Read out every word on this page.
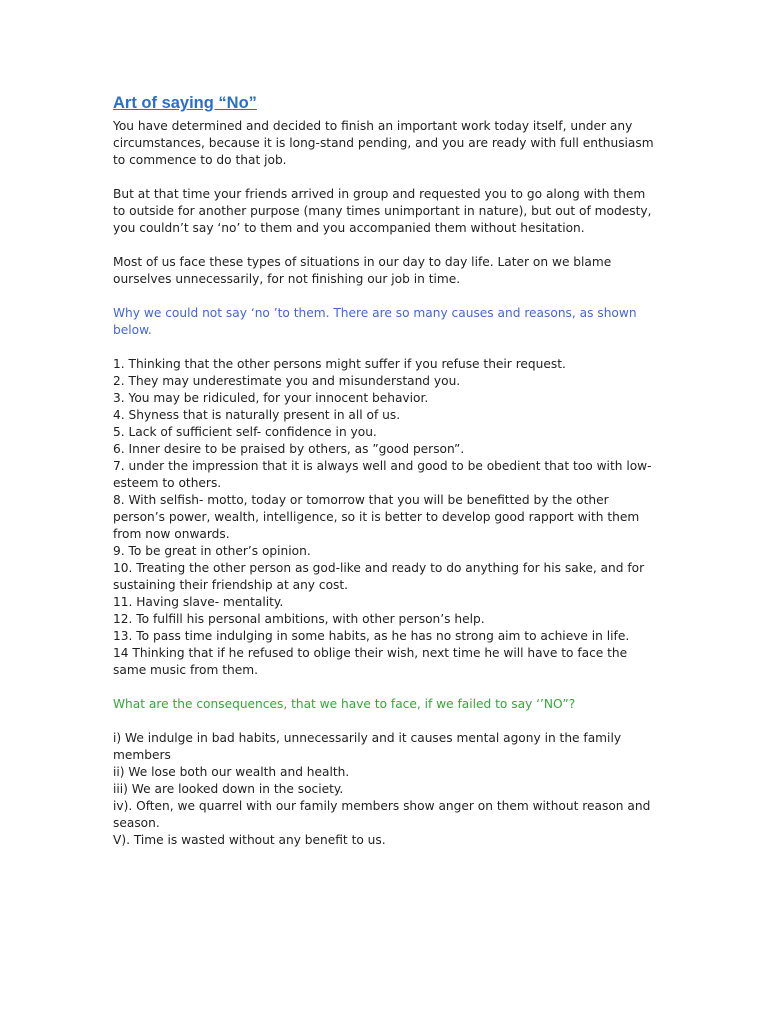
Art of saying “No”

You have determined and decided to finish an important work today itself, under any circumstances, because it is long-stand pending, and you are ready with full enthusiasm to commence to do that job.

But at that time your friends arrived in group and requested you to go along with them to outside for another purpose (many times unimportant in nature), but out of modesty, you couldn’t say ‘no’ to them and you accompanied them without hesitation.

Most of us face these types of situations in our day to day life. Later on we blame ourselves unnecessarily, for not finishing our job in time.

Why we could not say ‘no ’to them. There are so many causes and reasons, as shown below.

1. Thinking that the other persons might suffer if you refuse their request.
2. They may underestimate you and misunderstand you.
3. You may be ridiculed, for your innocent behavior.
4. Shyness that is naturally present in all of us.
5. Lack of sufficient self- confidence in you.
6. Inner desire to be praised by others, as ”good person”.
7. under the impression that it is always well and good to be obedient that too with low-esteem to others.
8. With selfish- motto, today or tomorrow that you will be benefitted by the other person’s power, wealth, intelligence, so it is better to develop good rapport with them from now onwards.
9. To be great in other’s opinion.
10. Treating the other person as god-like and ready to do anything for his sake, and for sustaining their friendship at any cost.
11. Having slave- mentality.
12. To fulfill his personal ambitions, with other person’s help.
13. To pass time indulging in some habits, as he has no strong aim to achieve in life.
14 Thinking that if he refused to oblige their wish, next time he will have to face the same music from them.

What are the consequences, that we have to face, if we failed to say ‘’NO”?

i) We indulge in bad habits, unnecessarily and it causes mental agony in the family members
ii) We lose both our wealth and health.
iii) We are looked down in the society.
iv). Often, we quarrel with our family members show anger on them without reason and season.
V). Time is wasted without any benefit to us.
